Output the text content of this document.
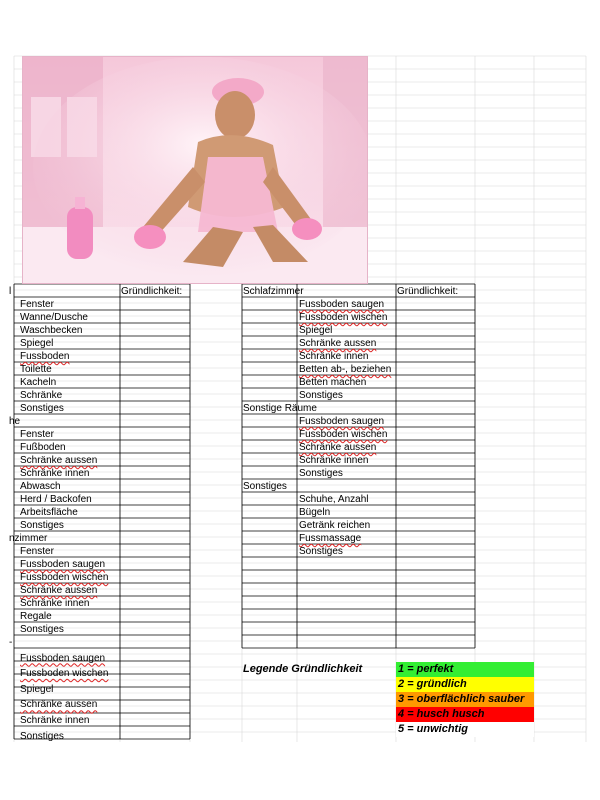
l
Fenster
Wanne/Dusche
Waschbecken
Spiegel
Fussboden
Toilette
Kacheln
Schränke
Sonstiges
he
Fenster
Fußboden
Schränke aussen
Schränke innen
Abwasch
Herd / Backofen
Arbeitsfläche
Sonstiges
nzimmer
Fenster
Fussboden saugen
Fussboden wischen
Schränke aussen
Schränke innen
Regale
Sonstiges
-
Fussboden saugen
Fussboden wischen
Spiegel
Schränke aussen
Schränke innen
Sonstiges
Gründlichkeit:	Schlafzimmer
Fussboden saugen
Fussboden wischen
Spiegel
Schränke aussen
Schränke innen
Betten ab-, beziehen
Betten machen
Sonstiges
Sonstige Räume
Fussboden saugen
Fussboden wischen
Schränke aussen
Schränke innen
Sonstiges
Sonstiges
Schuhe, Anzahl
Bügeln
Getränk reichen
Fussmassage
Sonstiges
Gründlichkeit:
Legende Gründlichkeit	1 = perfekt
2 = gründlich
3 = oberflächlich sauber
4 = husch husch
5 = unwichtig
